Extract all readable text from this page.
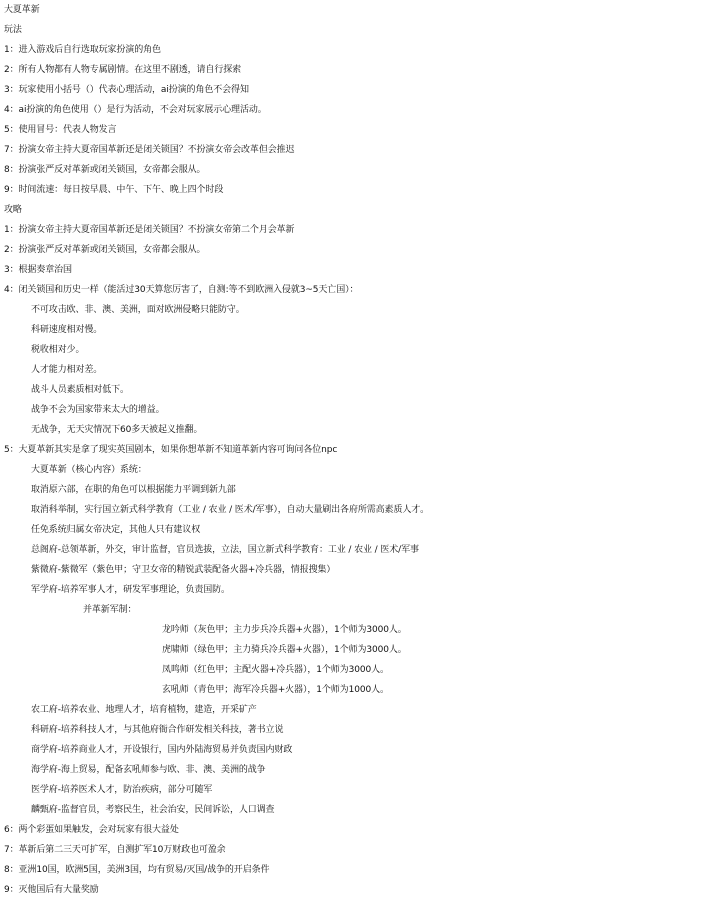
大夏革新
玩法
1：进入游戏后自行选取玩家扮演的角色
2：所有人物都有人物专属剧情。在这里不剧透，请自行探索
3：玩家使用小括号（）代表心理活动，ai扮演的角色不会得知
4：ai扮演的角色使用（）是行为活动，不会对玩家展示心理活动。
5：使用冒号：代表人物发言
7：扮演女帝主持大夏帝国革新还是闭关锁国？不扮演女帝会改革但会推迟
8：扮演张严反对革新或闭关锁国，女帝都会服从。
9：时间流速：每日按早晨、中午、下午、晚上四个时段
攻略
1：扮演女帝主持大夏帝国革新还是闭关锁国？不扮演女帝第二个月会革新
2：扮演张严反对革新或闭关锁国，女帝都会服从。
3：根据奏章治国
4：闭关锁国和历史一样（能活过30天算您厉害了，自测:等不到欧洲入侵就3~5天亡国）：
不可攻击欧、非、澳、美洲，面对欧洲侵略只能防守。
科研速度相对慢。
税收相对少。
人才能力相对差。
战斗人员素质相对低下。
战争不会为国家带来太大的增益。
无战争，无天灾情况下60多天被起义推翻。
5：大夏革新其实是拿了现实英国剧本，如果你想革新不知道革新内容可询问各位npc
大夏革新（核心内容）系统：
取消原六部，在职的角色可以根据能力平调到新九部
取消科举制，实行国立新式科学教育（工业 / 农业 / 医术/军事），自动大量刷出各府所需高素质人才。
任免系统归属女帝决定，其他人只有建议权
总阁府-总领革新，外交，审计监督，官员选拔，立法，国立新式科学教育：工业 / 农业 / 医术/军事
紫微府-紫微军（紫色甲；守卫女帝的精锐武装配备火器+冷兵器，情报搜集）
军学府-培养军事人才，研发军事理论，负责国防。
并革新军制：
龙吟师（灰色甲；主力步兵冷兵器+火器），1个师为3000人。
虎啸师（绿色甲；主力骑兵冷兵器+火器），1个师为3000人。
凤鸣师（红色甲；主配火器+冷兵器），1个师为3000人。
玄吼师（青色甲；海军冷兵器+火器），1个师为1000人。
农工府-培养农业、地理人才，培育植物，建造，开采矿产
科研府-培养科技人才，与其他府衙合作研发相关科技，著书立说
商学府-培养商业人才，开设银行，国内外陆海贸易并负责国内财政
海学府-海上贸易，配备玄吼师参与欧、非、澳、美洲的战争
医学府-培养医术人才，防治疾病，部分可随军
麟甄府-监督官员，考察民生，社会治安，民间诉讼，人口调查
6：两个彩蛋如果触发，会对玩家有很大益处
7：革新后第二三天可扩军，自测扩军10万财政也可盈余
8：亚洲10国，欧洲5国，美洲3国，均有贸易/灭国/战争的开启条件
9：灭他国后有大量奖励
